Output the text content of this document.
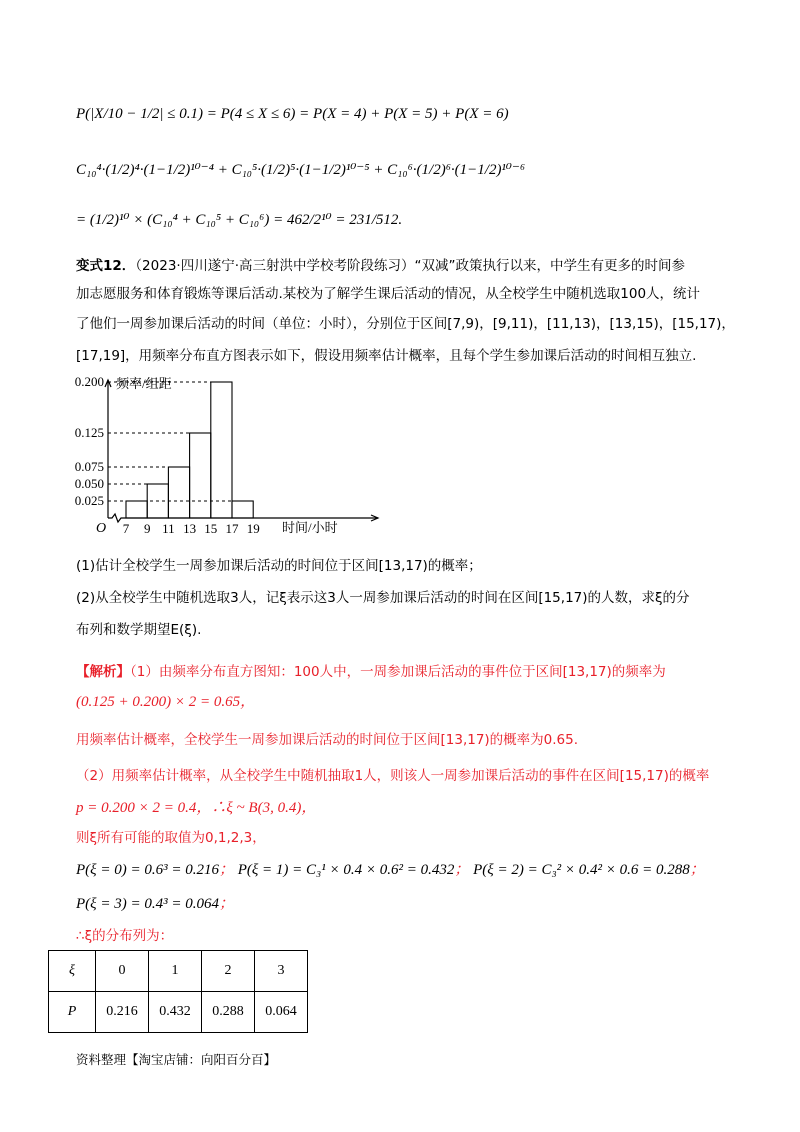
P(|X/10 − 1/2| ≤ 0.1) = P(4 ≤ X ≤ 6) = P(X = 4) + P(X = 5) + P(X = 6)
C₁₀⁴·(1/2)⁴·(1−1/2)¹⁰⁻⁴ + C₁₀⁵·(1/2)⁵·(1−1/2)¹⁰⁻⁵ + C₁₀⁶·(1/2)⁶·(1−1/2)¹⁰⁻⁶
= (1/2)¹⁰ × (C₁₀⁴ + C₁₀⁵ + C₁₀⁶) = 462/2¹⁰ = 231/512.
变式12．（2023·四川遂宁·高三射洪中学校考阶段练习）“双减”政策执行以来，中学生有更多的时间参
加志愿服务和体育锻炼等课后活动.某校为了解学生课后活动的情况，从全校学生中随机选取100人，统计
了他们一周参加课后活动的时间（单位：小时），分别位于区间[7,9)，[9,11)，[11,13)，[13,15)，[15,17)，
[17,19]，用频率分布直方图表示如下，假设用频率估计概率，且每个学生参加课后活动的时间相互独立.
0.025
0.050
0.075
0.125
0.200
7 9 11 13 15 17 19
频率/组距
时间/小时
O
(1)估计全校学生一周参加课后活动的时间位于区间[13,17)的概率；
(2)从全校学生中随机选取3人，记ξ表示这3人一周参加课后活动的时间在区间[15,17)的人数，求ξ的分
布列和数学期望E(ξ).
【解析】（1）由频率分布直方图知：100人中，一周参加课后活动的事件位于区间[13,17)的频率为
(0.125 + 0.200) × 2 = 0.65，
用频率估计概率，全校学生一周参加课后活动的时间位于区间[13,17)的概率为0.65.
（2）用频率估计概率，从全校学生中随机抽取1人，则该人一周参加课后活动的事件在区间[15,17)的概率
p = 0.200 × 2 = 0.4，∴ξ ~ B(3, 0.4)，
则ξ所有可能的取值为0,1,2,3，
P(ξ = 0) = 0.6³ = 0.216； P(ξ = 1) = C₃¹ × 0.4 × 0.6² = 0.432； P(ξ = 2) = C₃² × 0.4² × 0.6 = 0.288；
P(ξ = 3) = 0.4³ = 0.064；
∴ξ的分布列为：
ξ	0	1	2	3
P	0.216	0.432	0.288	0.064
资料整理【淘宝店铺：向阳百分百】
